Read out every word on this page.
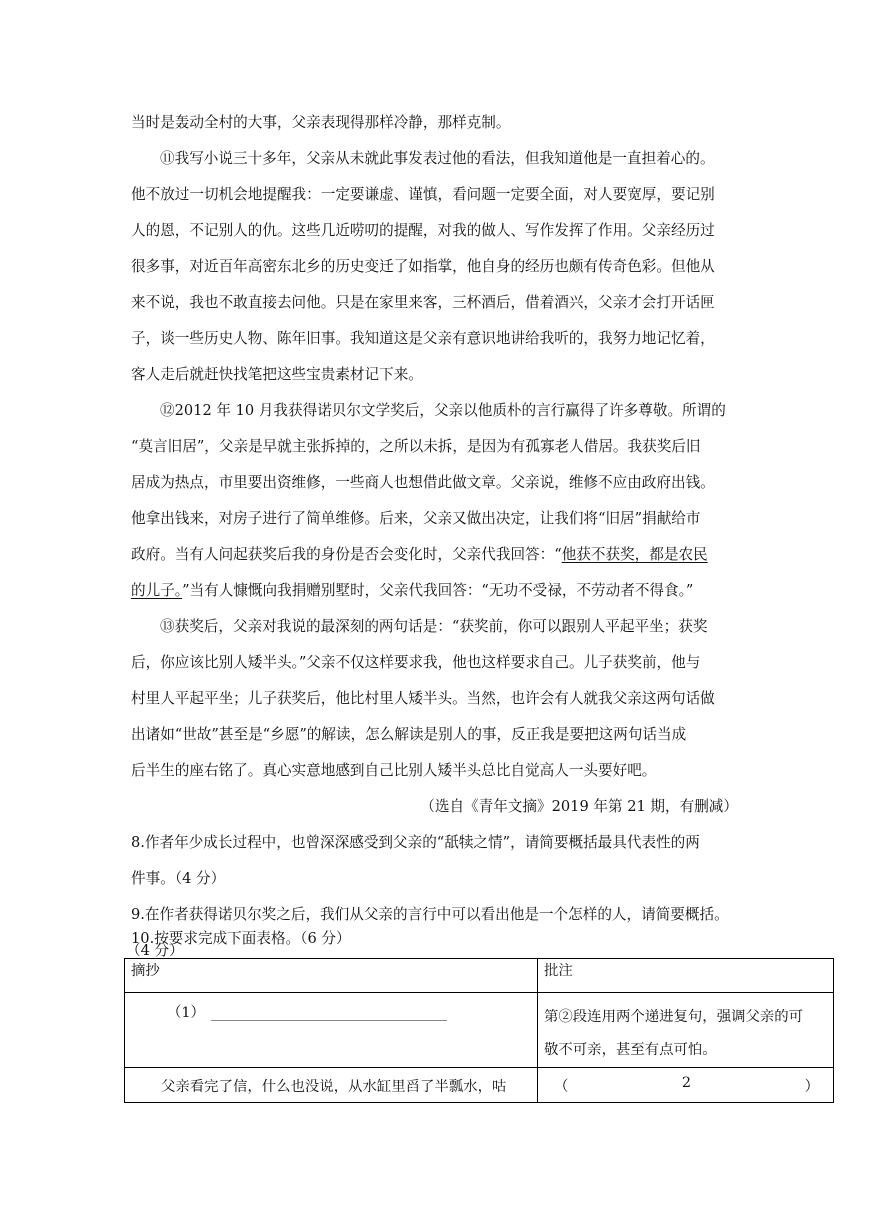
当时是轰动全村的大事，父亲表现得那样冷静，那样克制。
⑪我写小说三十多年，父亲从未就此事发表过他的看法，但我知道他是一直担着心的。
他不放过一切机会地提醒我：一定要谦虚、谨慎，看问题一定要全面，对人要宽厚，要记别
人的恩，不记别人的仇。这些几近唠叨的提醒，对我的做人、写作发挥了作用。父亲经历过
很多事，对近百年高密东北乡的历史变迁了如指掌，他自身的经历也颇有传奇色彩。但他从
来不说，我也不敢直接去问他。只是在家里来客，三杯酒后，借着酒兴，父亲才会打开话匣
子，谈一些历史人物、陈年旧事。我知道这是父亲有意识地讲给我听的，我努力地记忆着，
客人走后就赶快找笔把这些宝贵素材记下来。
⑫2012 年 10 月我获得诺贝尔文学奖后，父亲以他质朴的言行赢得了许多尊敬。所谓的
“莫言旧居”，父亲是早就主张拆掉的，之所以未拆，是因为有孤寡老人借居。我获奖后旧
居成为热点，市里要出资维修，一些商人也想借此做文章。父亲说，维修不应由政府出钱。
他拿出钱来，对房子进行了简单维修。后来，父亲又做出决定，让我们将“旧居”捐献给市
政府。当有人问起获奖后我的身份是否会变化时，父亲代我回答：“他获不获奖，都是农民
的儿子。”当有人慷慨向我捐赠别墅时，父亲代我回答：“无功不受禄，不劳动者不得食。”
⑬获奖后，父亲对我说的最深刻的两句话是：“获奖前，你可以跟别人平起平坐；获奖
后，你应该比别人矮半头。”父亲不仅这样要求我，他也这样要求自己。儿子获奖前，他与
村里人平起平坐；儿子获奖后，他比村里人矮半头。当然，也许会有人就我父亲这两句话做
出诸如“世故”甚至是“乡愿”的解读，怎么解读是别人的事，反正我是要把这两句话当成
后半生的座右铭了。真心实意地感到自己比别人矮半头总比自觉高人一头要好吧。
（选自《青年文摘》2019 年第 21 期，有删减）
8.作者年少成长过程中，也曾深深感受到父亲的“舐犊之情”，请简要概括最具代表性的两
件事。（4 分）
9.在作者获得诺贝尔奖之后，我们从父亲的言行中可以看出他是一个怎样的人，请简要概括。
（4 分）
10.按要求完成下面表格。（6 分）
摘抄	批注
（1）	第②段连用两个递进复句，强调父亲的可
敬不可亲，甚至有点可怕。

父亲看完了信，什么也没说，从水缸里舀了半瓢水，咕	（ 2 ）
